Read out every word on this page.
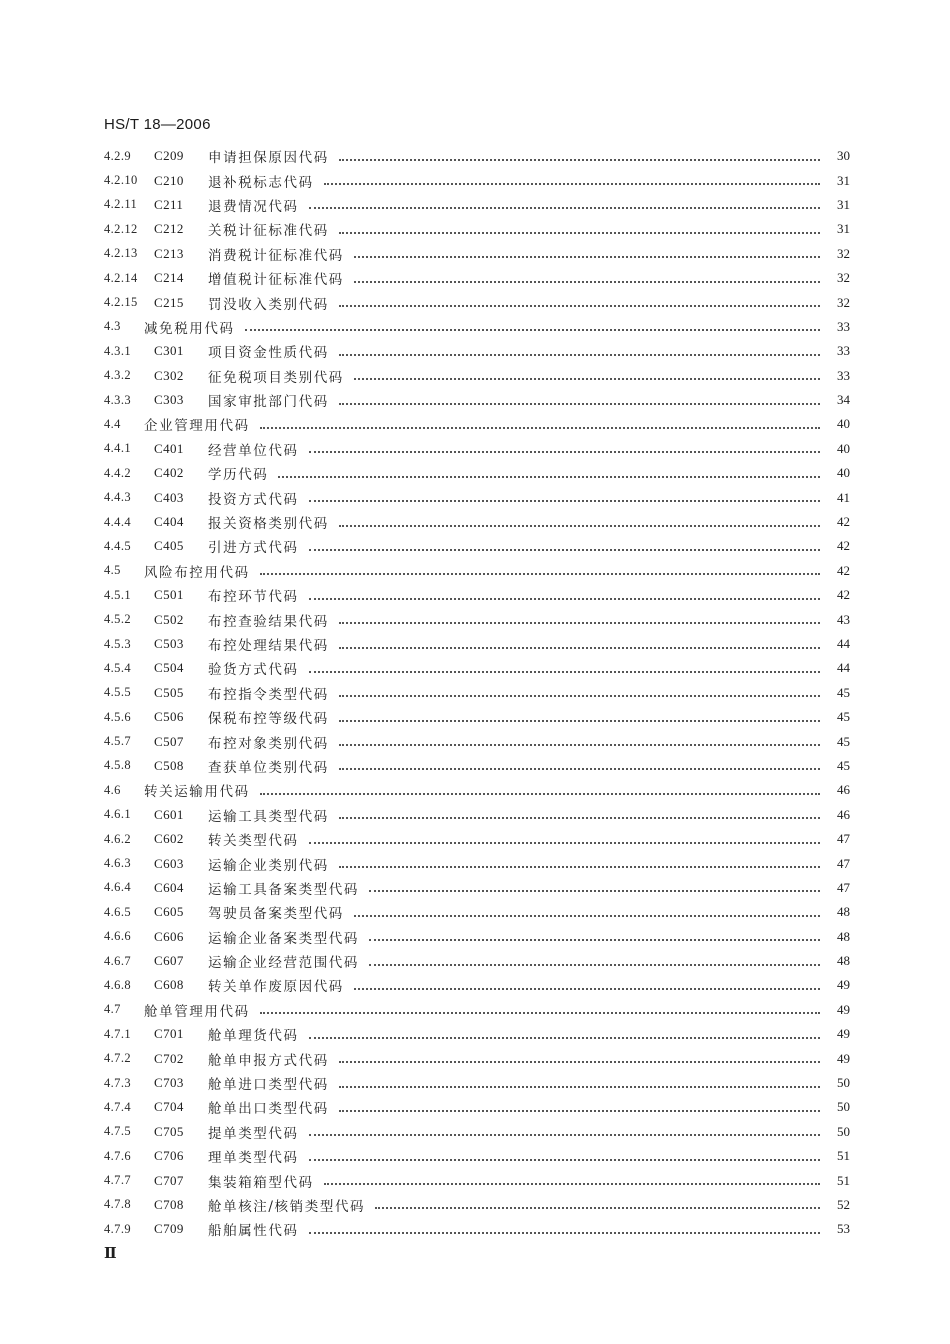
HS/T 18—2006
4.2.9	C209	申请担保原因代码	30
4.2.10	C210	退补税标志代码	31
4.2.11	C211	退费情况代码	31
4.2.12	C212	关税计征标准代码	31
4.2.13	C213	消费税计征标准代码	32
4.2.14	C214	增值税计征标准代码	32
4.2.15	C215	罚没收入类别代码	32
4.3	减免税用代码	33
4.3.1	C301	项目资金性质代码	33
4.3.2	C302	征免税项目类别代码	33
4.3.3	C303	国家审批部门代码	34
4.4	企业管理用代码	40
4.4.1	C401	经营单位代码	40
4.4.2	C402	学历代码	40
4.4.3	C403	投资方式代码	41
4.4.4	C404	报关资格类别代码	42
4.4.5	C405	引进方式代码	42
4.5	风险布控用代码	42
4.5.1	C501	布控环节代码	42
4.5.2	C502	布控查验结果代码	43
4.5.3	C503	布控处理结果代码	44
4.5.4	C504	验货方式代码	44
4.5.5	C505	布控指令类型代码	45
4.5.6	C506	保税布控等级代码	45
4.5.7	C507	布控对象类别代码	45
4.5.8	C508	查获单位类别代码	45
4.6	转关运输用代码	46
4.6.1	C601	运输工具类型代码	46
4.6.2	C602	转关类型代码	47
4.6.3	C603	运输企业类别代码	47
4.6.4	C604	运输工具备案类型代码	47
4.6.5	C605	驾驶员备案类型代码	48
4.6.6	C606	运输企业备案类型代码	48
4.6.7	C607	运输企业经营范围代码	48
4.6.8	C608	转关单作废原因代码	49
4.7	舱单管理用代码	49
4.7.1	C701	舱单理货代码	49
4.7.2	C702	舱单申报方式代码	49
4.7.3	C703	舱单进口类型代码	50
4.7.4	C704	舱单出口类型代码	50
4.7.5	C705	提单类型代码	50
4.7.6	C706	理单类型代码	51
4.7.7	C707	集装箱箱型代码	51
4.7.8	C708	舱单核注/核销类型代码	52
4.7.9	C709	船舶属性代码	53
Ⅱ
